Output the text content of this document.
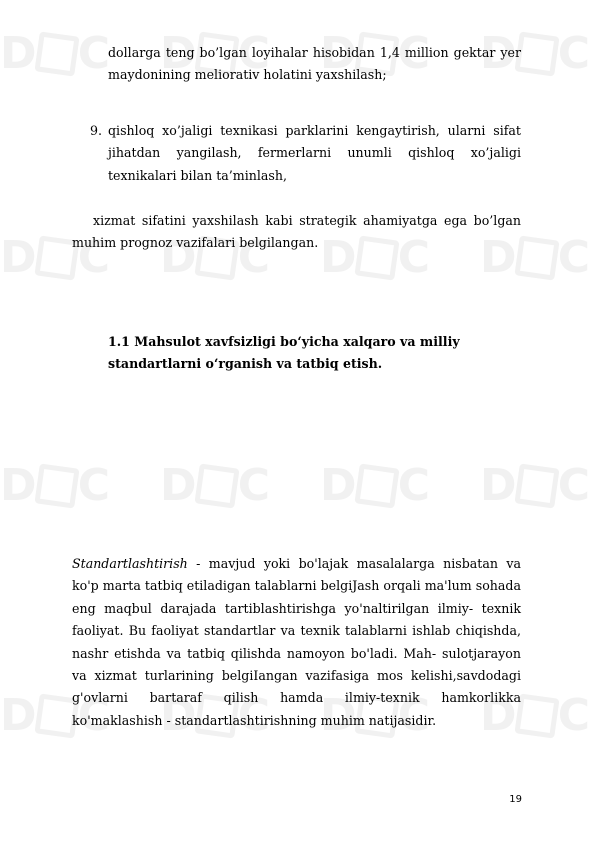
D C D C D C D C
D C D C D C D C
D C D C D C D C
D C D C D C D C
dollarga teng bo’lgan loyihalar hisobidan 1,4 million gektar yer maydonining meliorativ holatini yaxshilash;
9. qishloq xo’jaligi texnikasi parklarini kengaytirish, ularni sifat jihatdan yangilash, fermerlarni unumli qishloq xo’jaligi texnikalari bilan ta’minlash,
xizmat sifatini yaxshilash kabi strategik ahamiyatga ega bo’lgan muhim prognoz vazifalari belgilangan.
1.1 Mahsulot xavfsizligi bo‘yicha xalqaro va milliy standartlarni o‘rganish va tatbiq etish.
Standartlashtirish - mavjud yoki bo'lajak masalalarga nisbatan va ko'p marta tatbiq etiladigan talablarni belgiJash orqali ma'lum sohada eng maqbul darajada tartiblashtirishga yo'naltirilgan ilmiy- texnik faoliyat. Bu faoliyat standartlar va texnik talablarni ishlab chiqishda, nashr etishda va tatbiq qilishda namoyon bo'ladi. Mah- sulotjarayon va xizmat turlarining belgiIangan vazifasiga mos kelishi,savdodagi g'ovlarni bartaraf qilish hamda ilmiy-texnik hamkorlikka ko'maklashish - standartlashtirishning muhim natijasidir.
19
